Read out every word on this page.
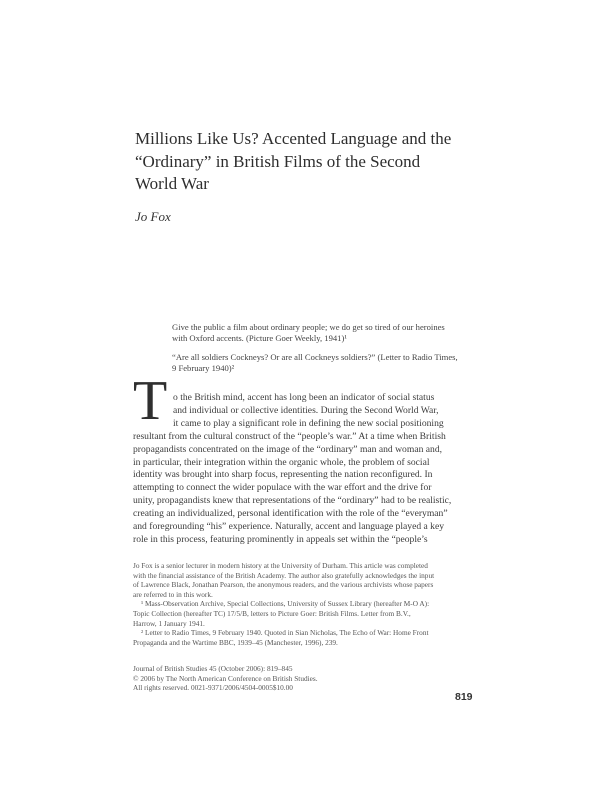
Millions Like Us? Accented Language and the
“Ordinary” in British Films of the Second
World War

Jo Fox

Give the public a film about ordinary people; we do get so tired of our heroines
with Oxford accents. (Picture Goer Weekly, 1941)¹
“Are all soldiers Cockneys? Or are all Cockneys soldiers?” (Letter to Radio Times,
9 February 1940)²
T o the British mind, accent has long been an indicator of social status
and individual or collective identities. During the Second World War,
it came to play a significant role in defining the new social positioning
resultant from the cultural construct of the “people’s war.” At a time when British
propagandists concentrated on the image of the “ordinary” man and woman and,
in particular, their integration within the organic whole, the problem of social
identity was brought into sharp focus, representing the nation reconfigured. In
attempting to connect the wider populace with the war effort and the drive for
unity, propagandists knew that representations of the “ordinary” had to be realistic,
creating an individualized, personal identification with the role of the “everyman”
and foregrounding “his” experience. Naturally, accent and language played a key
role in this process, featuring prominently in appeals set within the “people’s
Jo Fox is a senior lecturer in modern history at the University of Durham. This article was completed
with the financial assistance of the British Academy. The author also gratefully acknowledges the input
of Lawrence Black, Jonathan Pearson, the anonymous readers, and the various archivists whose papers
are referred to in this work.
¹ Mass-Observation Archive, Special Collections, University of Sussex Library (hereafter M-O A):
Topic Collection (hereafter TC) 17/5/B, letters to Picture Goer: British Films. Letter from B.V.,
Harrow, 1 January 1941.
² Letter to Radio Times, 9 February 1940. Quoted in Sian Nicholas, The Echo of War: Home Front
Propaganda and the Wartime BBC, 1939–45 (Manchester, 1996), 239.
Journal of British Studies 45 (October 2006): 819–845
© 2006 by The North American Conference on British Studies.
All rights reserved. 0021-9371/2006/4504-0005$10.00
819
